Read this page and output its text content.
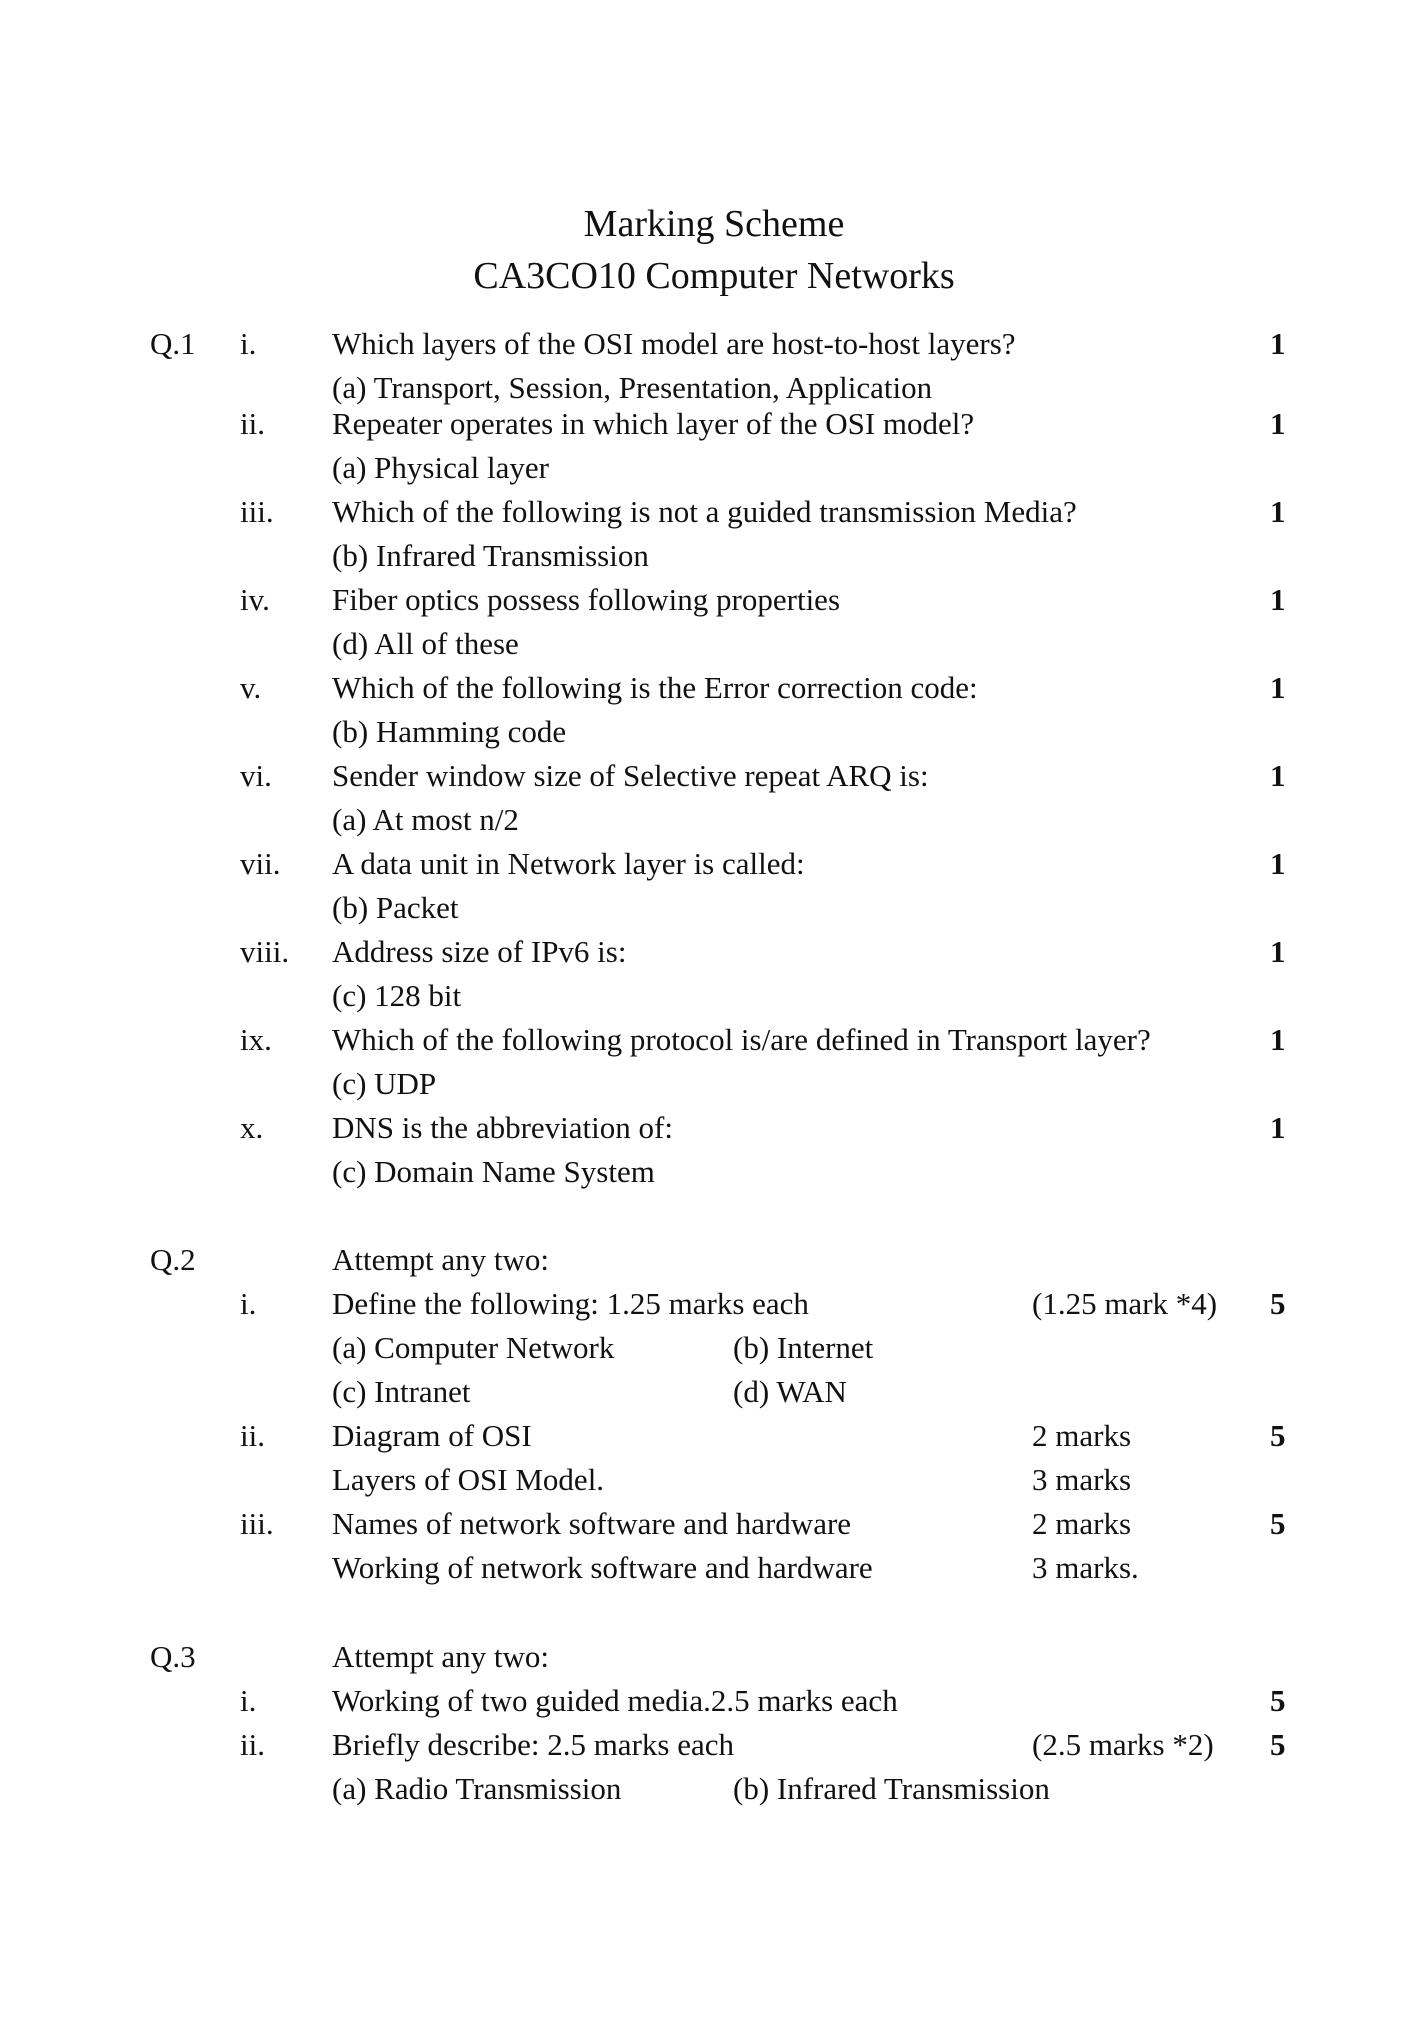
Marking Scheme
CA3CO10 Computer Networks
Q.1 i. Which layers of the OSI model are host-to-host layers?	1
(a) Transport, Session, Presentation, Application
ii. Repeater operates in which layer of the OSI model?	1
(a) Physical layer
iii. Which of the following is not a guided transmission Media?	1
(b) Infrared Transmission
iv. Fiber optics possess following properties	1
(d) All of these
v. Which of the following is the Error correction code:	1
(b) Hamming code
vi. Sender window size of Selective repeat ARQ is:	1
(a) At most n/2
vii. A data unit in Network layer is called:	1
(b) Packet
viii. Address size of IPv6 is:	1
(c) 128 bit
ix. Which of the following protocol is/are defined in Transport layer?	1
(c) UDP
x. DNS is the abbreviation of:	1
(c) Domain Name System
Q.2	Attempt any two:
i. Define the following: 1.25 marks each	(1.25 mark *4) 5
(a) Computer Network	(b) Internet
(c) Intranet	(d) WAN
ii. Diagram of OSI	2 marks	5
Layers of OSI Model.	3 marks
iii. Names of network software and hardware	2 marks	5
Working of network software and hardware	3 marks.
Q.3	Attempt any two:
i. Working of two guided media.2.5 marks each	5
ii. Briefly describe: 2.5 marks each	(2.5 marks *2) 5
(a) Radio Transmission	(b) Infrared Transmission
